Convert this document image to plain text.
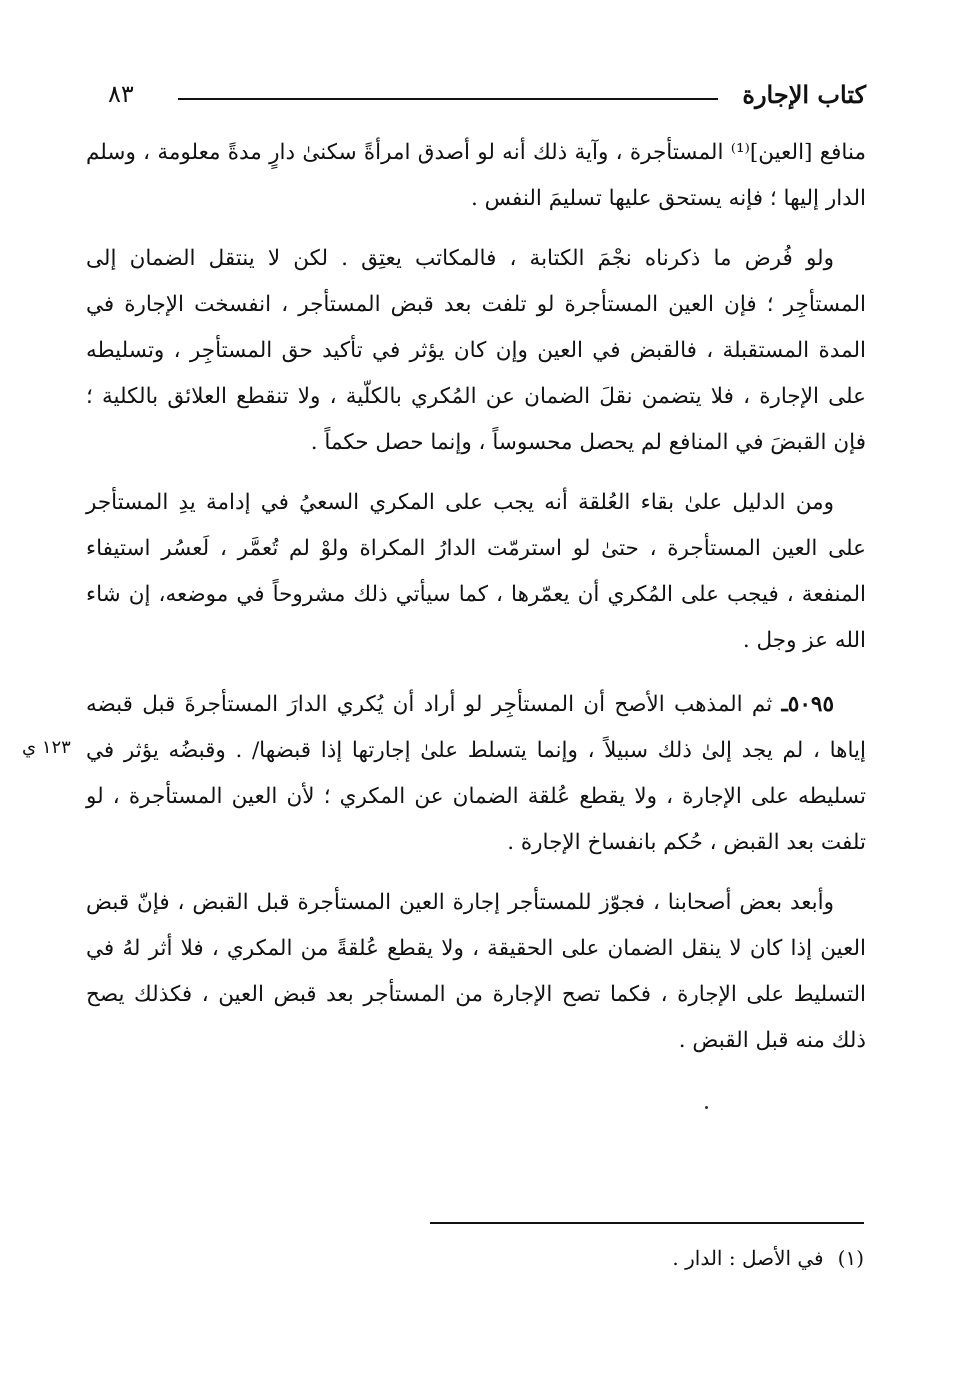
كتاب الإجارة
٨٣

منافع [العين]⁽¹⁾ المستأجرة ، وآية ذلك أنه لو أصدق امرأةً سكنىٰ دارٍ مدةً معلومة ، وسلم الدار إليها ؛ فإنه يستحق عليها تسليمَ النفس .

ولو فُرض ما ذكرناه نجْمَ الكتابة ، فالمكاتب يعتِق . لكن لا ينتقل الضمان إلى المستأجِر ؛ فإن العين المستأجرة لو تلفت بعد قبض المستأجر ، انفسخت الإجارة في المدة المستقبلة ، فالقبض في العين وإن كان يؤثر في تأكيد حق المستأجِر ، وتسليطه على الإجارة ، فلا يتضمن نقلَ الضمان عن المُكري بالكلّية ، ولا تنقطع العلائق بالكلية ؛ فإن القبضَ في المنافع لم يحصل محسوساً ، وإنما حصل حكماً .

ومن الدليل علىٰ بقاء العُلقة أنه يجب على المكري السعيُ في إدامة يدِ المستأجر على العين المستأجرة ، حتىٰ لو استرمّت الدارُ المكراة ولوْ لم تُعمَّر ، لَعسُر استيفاء المنفعة ، فيجب على المُكري أن يعمّرها ، كما سيأتي ذلك مشروحاً في موضعه، إن شاء الله عز وجل .

٥٠٩٥ـ ثم المذهب الأصح أن المستأجِر لو أراد أن يُكري الدارَ المستأجرةَ قبل قبضه إياها ، لم يجد إلىٰ ذلك سبيلاً ، وإنما يتسلط علىٰ إجارتها إذا قبضها/ . وقبضُه يؤثر في تسليطه على الإجارة ، ولا يقطع عُلقة الضمان عن المكري ؛ لأن العين المستأجرة ، لو تلفت بعد القبض ، حُكم بانفساخ الإجارة .

وأبعد بعض أصحابنا ، فجوّز للمستأجر إجارة العين المستأجرة قبل القبض ، فإنّ قبض العين إذا كان لا ينقل الضمان على الحقيقة ، ولا يقطع عُلقةً من المكري ، فلا أثر لهُ في التسليط على الإجارة ، فكما تصح الإجارة من المستأجر بعد قبض العين ، فكذلك يصح ذلك منه قبل القبض .

١٢٣ ي
(١)في الأصل : الدار .
